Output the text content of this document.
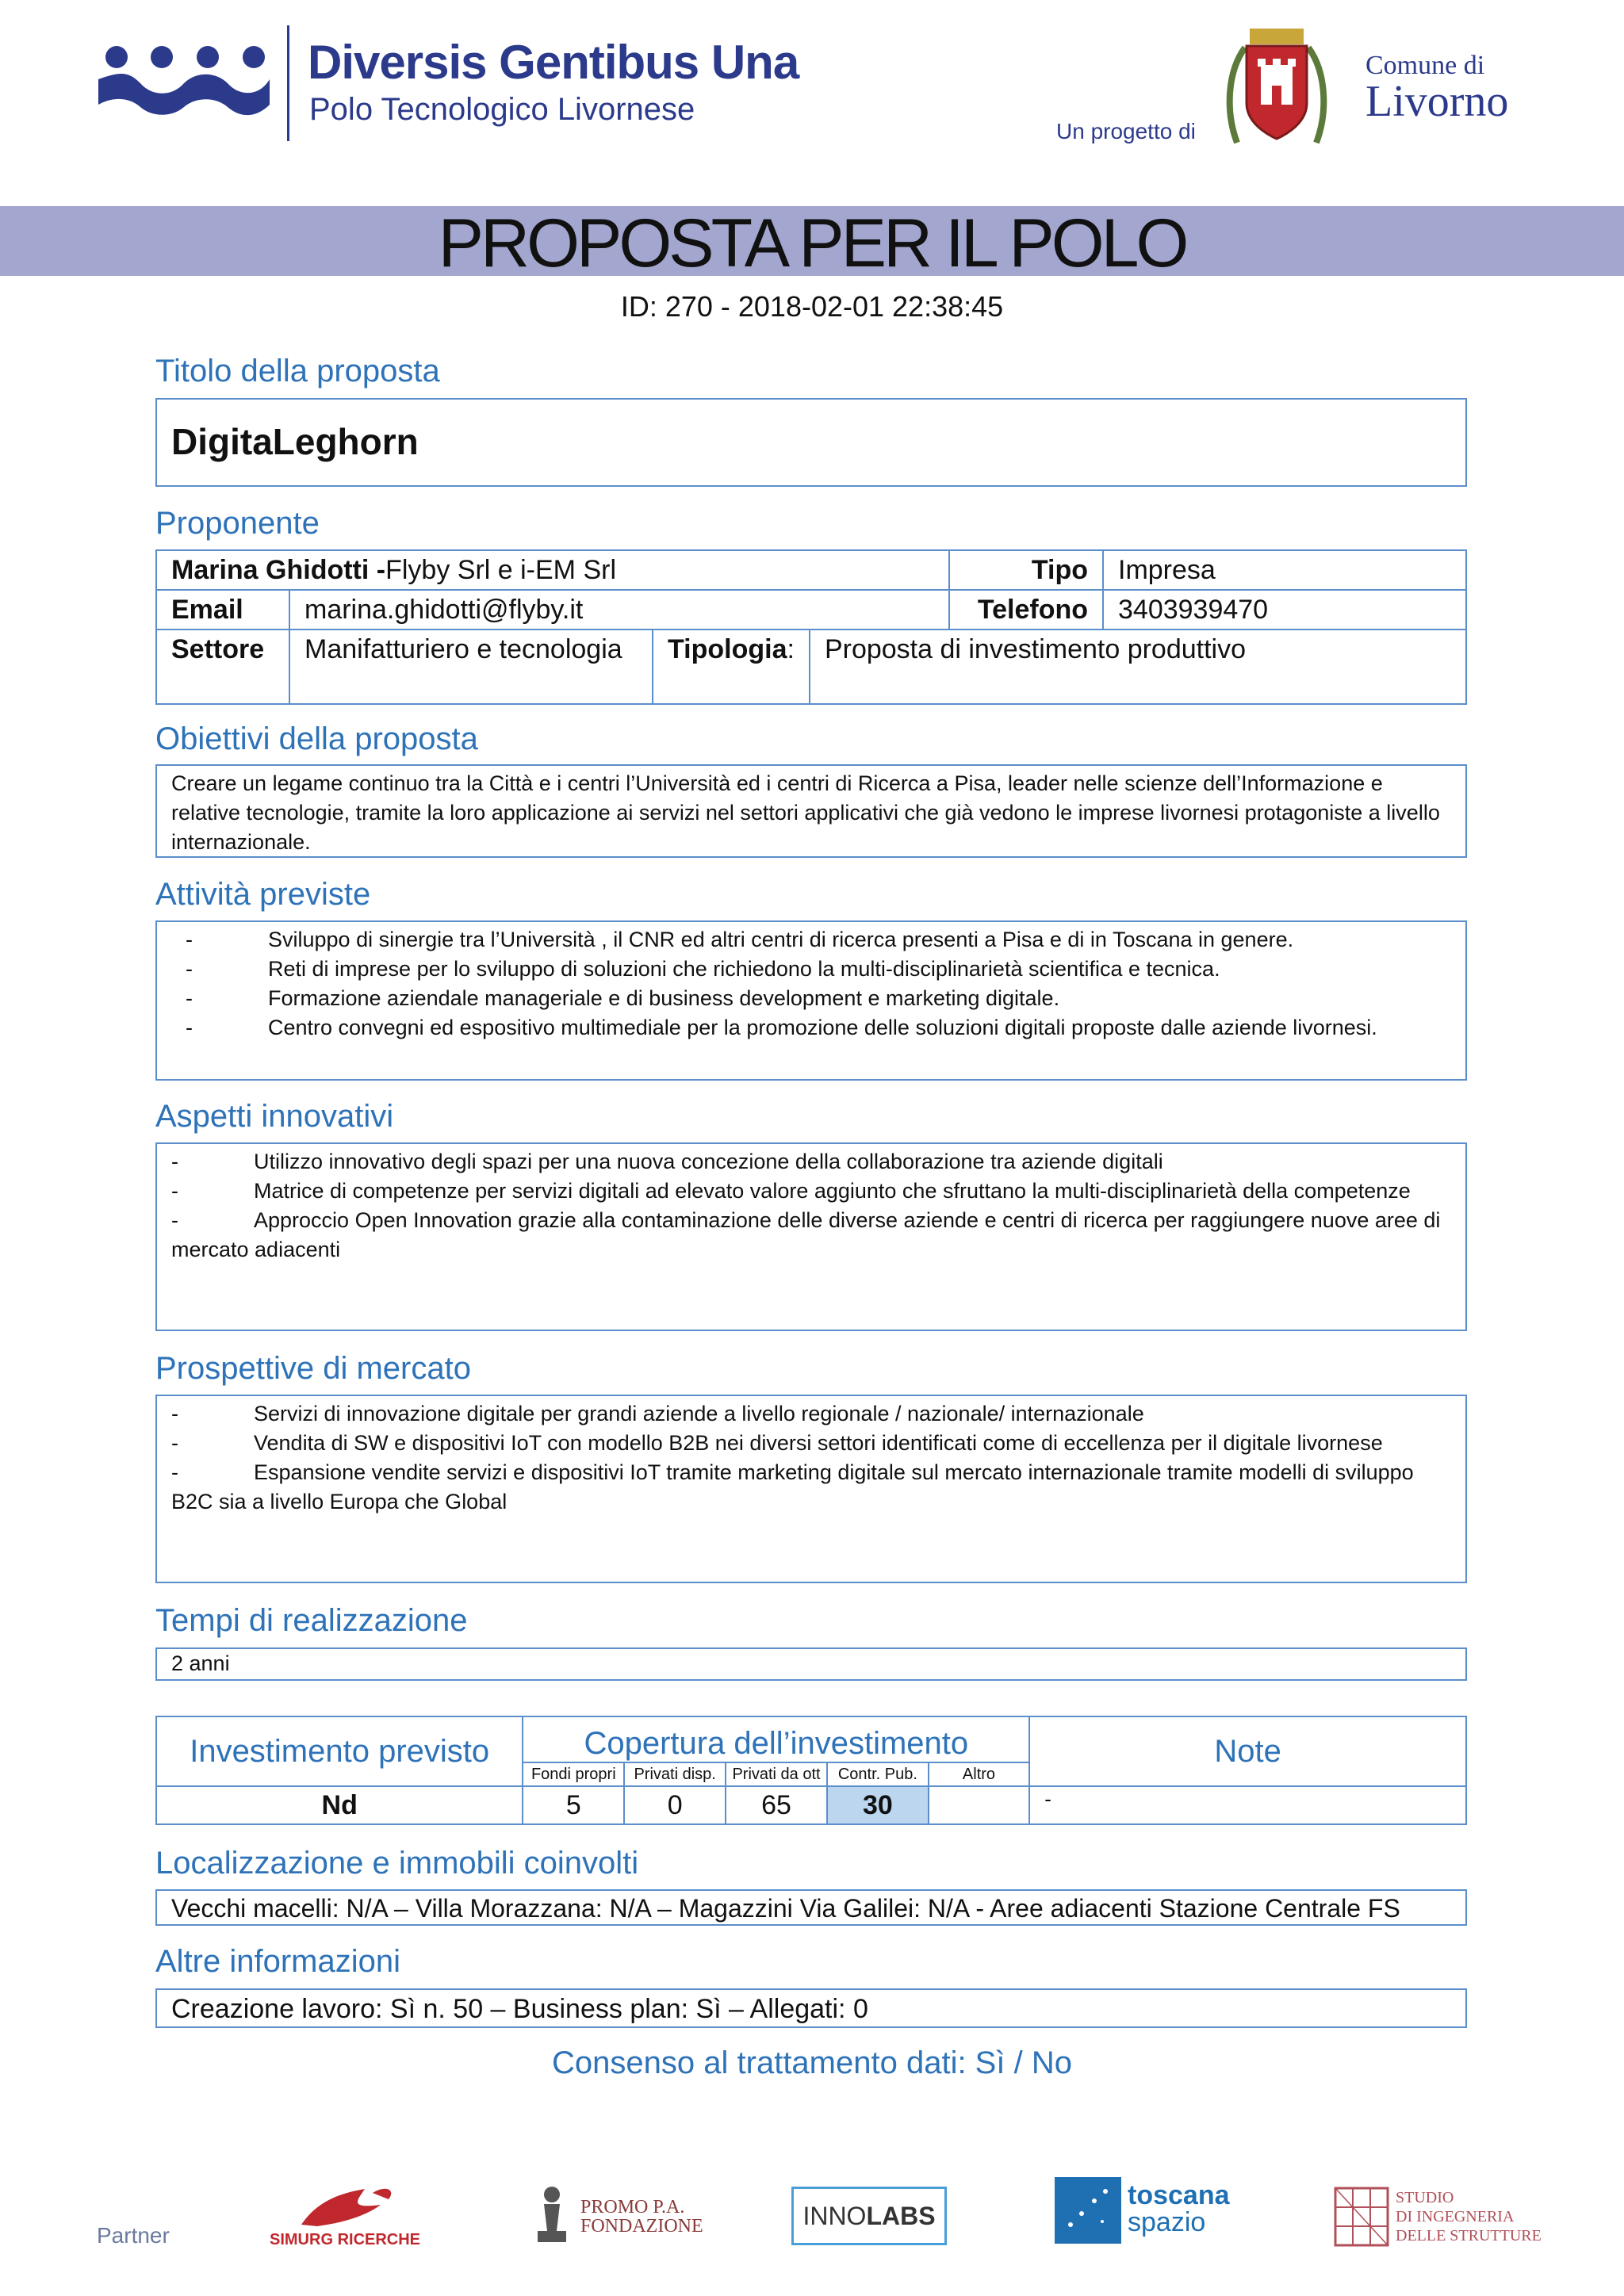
Diversis Gentibus Una
Polo Tecnologico Livornese
Un progetto di
Comune di
Livorno
PROPOSTA PER IL POLO
ID: 270 - 2018-02-01 22:38:45
Titolo della proposta
DigitaLeghorn
Proponente
Marina Ghidotti -Flyby Srl e i-EM Srl				Tipo	Impresa
Email	marina.ghidotti@flyby.it			Telefono	3403939470
Settore	Manifatturiero e tecnologia	Tipologia:	Proposta di investimento produttivo		
Obiettivi della proposta
Creare un legame continuo tra la Città e i centri l’Università ed i centri di Ricerca a Pisa, leader nelle scienze dell’Informazione e relative tecnologie, tramite la loro applicazione ai servizi nel settori applicativi che già vedono le imprese livornesi protagoniste a livello internazionale.
Attività previste
-	Sviluppo di sinergie tra l’Università , il CNR ed altri centri di ricerca presenti a Pisa e di in Toscana in genere.
-	Reti di imprese per lo sviluppo di soluzioni che richiedono la multi-disciplinarietà scientifica e tecnica.
-	Formazione aziendale manageriale e di business development e marketing digitale.
-	Centro convegni ed espositivo multimediale per la promozione delle soluzioni digitali proposte dalle aziende livornesi.
Aspetti innovativi
-	Utilizzo innovativo degli spazi per una nuova concezione della collaborazione tra aziende digitali
-	Matrice di competenze per servizi digitali ad elevato valore aggiunto che sfruttano la multi-disciplinarietà della competenze
-	Approccio Open Innovation grazie alla contaminazione delle diverse aziende e centri di ricerca per raggiungere nuove aree di mercato adiacenti
Prospettive di mercato
-	Servizi di innovazione digitale per grandi aziende a livello regionale / nazionale/ internazionale
-	Vendita di SW e dispositivi IoT con modello B2B nei diversi settori identificati come di eccellenza per il digitale livornese
-	Espansione vendite servizi e dispositivi IoT tramite marketing digitale sul mercato internazionale tramite modelli di sviluppo B2C sia a livello Europa che Global
Tempi di realizzazione
2 anni
Investimento previsto	Copertura dell’investimento					Note
	Fondi propri	Privati disp.	Privati da ott	Contr. Pub.	Altro	
Nd	5	0	65	30		-
Localizzazione e immobili coinvolti
Vecchi macelli: N/A – Villa Morazzana: N/A – Magazzini Via Galilei: N/A - Aree adiacenti Stazione Centrale FS
Altre informazioni
Creazione lavoro: Sì n. 50 – Business plan: Sì – Allegati: 0
Consenso al trattamento dati: Sì / No
Partner	SIMURG RICERCHE
PROMO P.A.
FONDAZIONE	INNOLABS
toscana
spazio
STUDIO
DI INGEGNERIA
DELLE STRUTTURE
